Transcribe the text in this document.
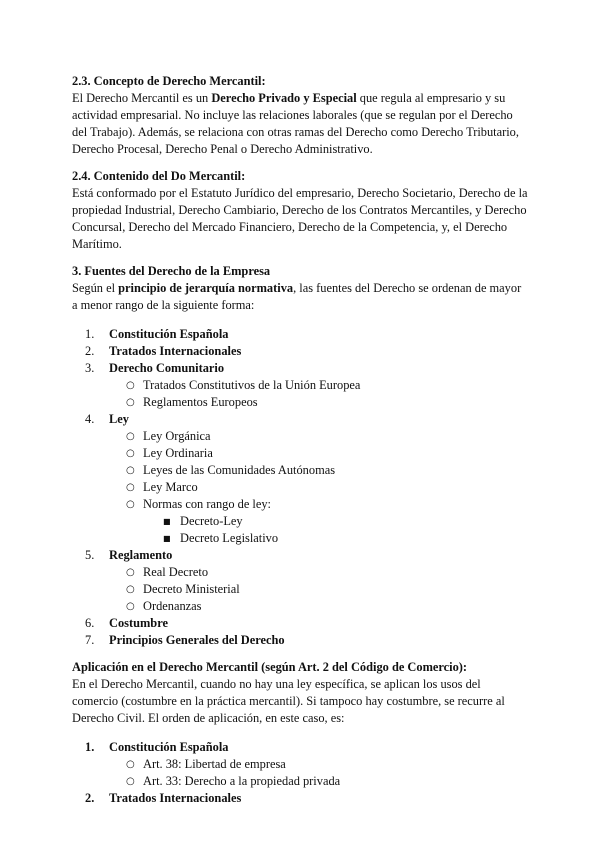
2.3. Concepto de Derecho Mercantil:

El Derecho Mercantil es un Derecho Privado y Especial que regula al empresario y su actividad empresarial. No incluye las relaciones laborales (que se regulan por el Derecho del Trabajo). Además, se relaciona con otras ramas del Derecho como Derecho Tributario, Derecho Procesal, Derecho Penal o Derecho Administrativo.

2.4. Contenido del Do Mercantil:

Está conformado por el Estatuto Jurídico del empresario, Derecho Societario, Derecho de la propiedad Industrial, Derecho Cambiario, Derecho de los Contratos Mercantiles, y Derecho Concursal, Derecho del Mercado Financiero, Derecho de la Competencia, y, el Derecho Marítimo.

3. Fuentes del Derecho de la Empresa

Según el principio de jerarquía normativa, las fuentes del Derecho se ordenan de mayor a menor rango de la siguiente forma:

1. Constitución Española
2. Tratados Internacionales
3. Derecho Comunitario
○ Tratados Constitutivos de la Unión Europea
○ Reglamentos Europeos
4. Ley
○ Ley Orgánica
○ Ley Ordinaria
○ Leyes de las Comunidades Autónomas
○ Ley Marco
○ Normas con rango de ley:
■ Decreto-Ley
■ Decreto Legislativo
5. Reglamento
○ Real Decreto
○ Decreto Ministerial
○ Ordenanzas
6. Costumbre
7. Principios Generales del Derecho

Aplicación en el Derecho Mercantil (según Art. 2 del Código de Comercio):

En el Derecho Mercantil, cuando no hay una ley específica, se aplican los usos del comercio (costumbre en la práctica mercantil). Si tampoco hay costumbre, se recurre al Derecho Civil. El orden de aplicación, en este caso, es:

1. Constitución Española
○ Art. 38: Libertad de empresa
○ Art. 33: Derecho a la propiedad privada
2. Tratados Internacionales
